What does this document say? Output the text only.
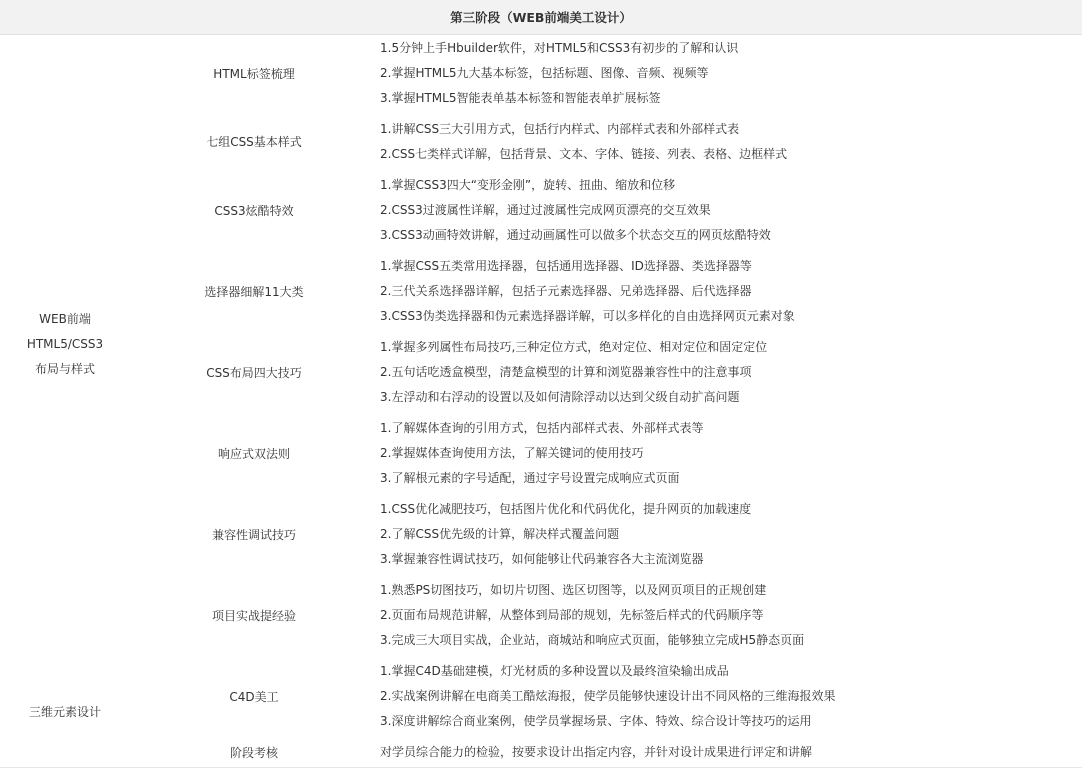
第三阶段（WEB前端美工设计）
WEB前端
HTML5/CSS3
布局与样式
三维元素设计
HTML标签梳理
1.5分钟上手Hbuilder软件，对HTML5和CSS3有初步的了解和认识
2.掌握HTML5九大基本标签，包括标题、图像、音频、视频等
3.掌握HTML5智能表单基本标签和智能表单扩展标签
七组CSS基本样式
1.讲解CSS三大引用方式，包括行内样式、内部样式表和外部样式表
2.CSS七类样式详解，包括背景、文本、字体、链接、列表、表格、边框样式
CSS3炫酷特效
1.掌握CSS3四大“变形金刚”，旋转、扭曲、缩放和位移
2.CSS3过渡属性详解，通过过渡属性完成网页漂亮的交互效果
3.CSS3动画特效讲解，通过动画属性可以做多个状态交互的网页炫酷特效
选择器细解11大类
1.掌握CSS五类常用选择器，包括通用选择器、ID选择器、类选择器等
2.三代关系选择器详解，包括子元素选择器、兄弟选择器、后代选择器
3.CSS3伪类选择器和伪元素选择器详解，可以多样化的自由选择网页元素对象
CSS布局四大技巧
1.掌握多列属性布局技巧,三种定位方式，绝对定位、相对定位和固定定位
2.五句话吃透盒模型，清楚盒模型的计算和浏览器兼容性中的注意事项
3.左浮动和右浮动的设置以及如何清除浮动以达到父级自动扩高问题
响应式双法则
1.了解媒体查询的引用方式，包括内部样式表、外部样式表等
2.掌握媒体查询使用方法，了解关键词的使用技巧
3.了解根元素的字号适配，通过字号设置完成响应式页面
兼容性调试技巧
1.CSS优化减肥技巧，包括图片优化和代码优化，提升网页的加载速度
2.了解CSS优先级的计算，解决样式覆盖问题
3.掌握兼容性调试技巧，如何能够让代码兼容各大主流浏览器
项目实战提经验
1.熟悉PS切图技巧，如切片切图、选区切图等，以及网页项目的正规创建
2.页面布局规范讲解，从整体到局部的规划，先标签后样式的代码顺序等
3.完成三大项目实战，企业站，商城站和响应式页面，能够独立完成H5静态页面
C4D美工
1.掌握C4D基础建模，灯光材质的多种设置以及最终渲染输出成品
2.实战案例讲解在电商美工酷炫海报，使学员能够快速设计出不同风格的三维海报效果
3.深度讲解综合商业案例，使学员掌握场景、字体、特效、综合设计等技巧的运用
阶段考核	对学员综合能力的检验，按要求设计出指定内容，并针对设计成果进行评定和讲解
